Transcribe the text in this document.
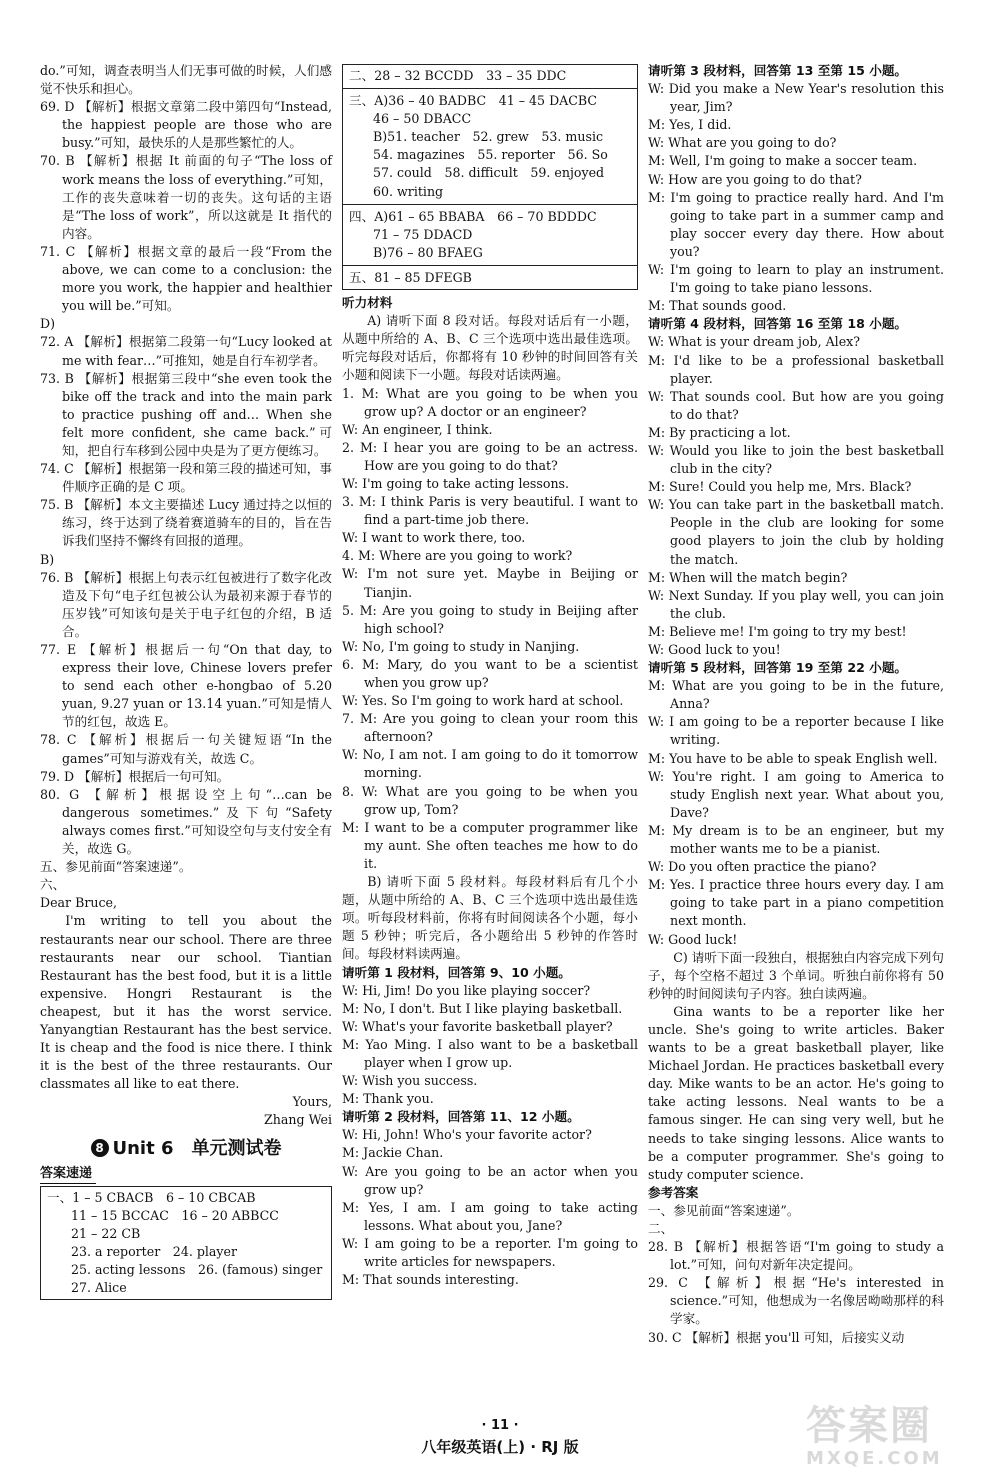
do.”可知，调查表明当人们无事可做的时候，人们感觉不快乐和担心。
69. D 【解析】根据文章第二段中第四句“Instead, the happiest people are those who are busy.”可知，最快乐的人是那些繁忙的人。
70. B 【解析】根据 It 前面的句子“The loss of work means the loss of everything.”可知，工作的丧失意味着一切的丧失。这句话的主语是“The loss of work”，所以这就是 It 指代的内容。
71. C 【解析】根据文章的最后一段“From the above, we can come to a conclusion: the more you work, the happier and healthier you will be.”可知。
D)
72. A 【解析】根据第二段第一句“Lucy looked at me with fear…”可推知，她是自行车初学者。
73. B 【解析】根据第三段中“she even took the bike off the track and into the main park to practice pushing off and… When she felt more confident, she came back.”可知，把自行车移到公园中央是为了更方便练习。
74. C 【解析】根据第一段和第三段的描述可知，事件顺序正确的是 C 项。
75. B 【解析】本文主要描述 Lucy 通过持之以恒的练习，终于达到了绕着赛道骑车的目的，旨在告诉我们坚持不懈终有回报的道理。
B)
76. B 【解析】根据上句表示红包被进行了数字化改造及下句“电子红包被公认为最初来源于春节的压岁钱”可知该句是关于电子红包的介绍，B 适合。
77. E 【解析】根据后一句“On that day, to express their love, Chinese lovers prefer to send each other e-hongbao of 5.20 yuan, 9.27 yuan or 13.14 yuan.”可知是情人节的红包，故选 E。
78. C 【解析】根据后一句关键短语“In the games”可知与游戏有关，故选 C。
79. D 【解析】根据后一句可知。
80. G 【解析】根据设空上句“…can be dangerous sometimes.”及下句“Safety always comes first.”可知设空句与支付安全有关，故选 G。
五、参见前面“答案速递”。
六、
Dear Bruce,
I'm writing to tell you about the restaurants near our school. There are three restaurants near our school. Tiantian Restaurant has the best food, but it is a little expensive. Hongri Restaurant is the cheapest, but it has the worst service. Yanyangtian Restaurant has the best service. It is cheap and the food is nice there. I think it is the best of the three restaurants. Our classmates all like to eat there.
Yours,
Zhang Wei
8 Unit 6　单元测试卷
答案速递
一、1 – 5 CBACB　6 – 10 CBCAB
11 – 15 BCCAC　16 – 20 ABBCC
21 – 22 CB
23. a reporter　24. player
25. acting lessons　26. (famous) singer
27. Alice
二、28 – 32 BCCDD　33 – 35 DDC
三、A)36 – 40 BADBC　41 – 45 DACBC
46 – 50 DBACC
B)51. teacher　52. grew　53. music
54. magazines　55. reporter　56. So
57. could　58. difficult　59. enjoyed
60. writing
四、A)61 – 65 BBABA　66 – 70 BDDDC
71 – 75 DDACD
B)76 – 80 BFAEG
五、81 – 85 DFEGB
听力材料
A) 请听下面 8 段对话。每段对话后有一小题，从题中所给的 A、B、C 三个选项中选出最佳选项。听完每段对话后，你都将有 10 秒钟的时间回答有关小题和阅读下一小题。每段对话读两遍。
1. M: What are you going to be when you grow up? A doctor or an engineer?
W: An engineer, I think.
2. M: I hear you are going to be an actress. How are you going to do that?
W: I'm going to take acting lessons.
3. M: I think Paris is very beautiful. I want to find a part-time job there.
W: I want to work there, too.
4. M: Where are you going to work?
W: I'm not sure yet. Maybe in Beijing or Tianjin.
5. M: Are you going to study in Beijing after high school?
W: No, I'm going to study in Nanjing.
6. M: Mary, do you want to be a scientist when you grow up?
W: Yes. So I'm going to work hard at school.
7. M: Are you going to clean your room this afternoon?
W: No, I am not. I am going to do it tomorrow morning.
8. W: What are you going to be when you grow up, Tom?
M: I want to be a computer programmer like my aunt. She often teaches me how to do it.
B) 请听下面 5 段材料。每段材料后有几个小题，从题中所给的 A、B、C 三个选项中选出最佳选项。听每段材料前，你将有时间阅读各个小题，每小题 5 秒钟；听完后，各小题给出 5 秒钟的作答时间。每段材料读两遍。
请听第 1 段材料，回答第 9、10 小题。
W: Hi, Jim! Do you like playing soccer?
M: No, I don't. But I like playing basketball.
W: What's your favorite basketball player?
M: Yao Ming. I also want to be a basketball player when I grow up.
W: Wish you success.
M: Thank you.
请听第 2 段材料，回答第 11、12 小题。
W: Hi, John! Who's your favorite actor?
M: Jackie Chan.
W: Are you going to be an actor when you grow up?
M: Yes, I am. I am going to take acting lessons. What about you, Jane?
W: I am going to be a reporter. I'm going to write articles for newspapers.
M: That sounds interesting.
请听第 3 段材料，回答第 13 至第 15 小题。
W: Did you make a New Year's resolution this year, Jim?
M: Yes, I did.
W: What are you going to do?
M: Well, I'm going to make a soccer team.
W: How are you going to do that?
M: I'm going to practice really hard. And I'm going to take part in a summer camp and play soccer every day there. How about you?
W: I'm going to learn to play an instrument. I'm going to take piano lessons.
M: That sounds good.
请听第 4 段材料，回答第 16 至第 18 小题。
W: What is your dream job, Alex?
M: I'd like to be a professional basketball player.
W: That sounds cool. But how are you going to do that?
M: By practicing a lot.
W: Would you like to join the best basketball club in the city?
M: Sure! Could you help me, Mrs. Black?
W: You can take part in the basketball match. People in the club are looking for some good players to join the club by holding the match.
M: When will the match begin?
W: Next Sunday. If you play well, you can join the club.
M: Believe me! I'm going to try my best!
W: Good luck to you!
请听第 5 段材料，回答第 19 至第 22 小题。
M: What are you going to be in the future, Anna?
W: I am going to be a reporter because I like writing.
M: You have to be able to speak English well.
W: You're right. I am going to America to study English next year. What about you, Dave?
M: My dream is to be an engineer, but my mother wants me to be a pianist.
W: Do you often practice the piano?
M: Yes. I practice three hours every day. I am going to take part in a piano competition next month.
W: Good luck!
C) 请听下面一段独白，根据独白内容完成下列句子，每个空格不超过 3 个单词。听独白前你将有 50 秒钟的时间阅读句子内容。独白读两遍。
Gina wants to be a reporter like her uncle. She's going to write articles. Baker wants to be a great basketball player, like Michael Jordan. He practices basketball every day. Mike wants to be an actor. He's going to take acting lessons. Neal wants to be a famous singer. He can sing very well, but he needs to take singing lessons. Alice wants to be a computer programmer. She's going to study computer science.
参考答案
一、参见前面“答案速递”。
二、
28. B 【解析】根据答语“I'm going to study a lot.”可知，问句对新年决定提问。
29. C 【解析】根据“He's interested in science.”可知，他想成为一名像居呦呦那样的科学家。
30. C 【解析】根据 you'll 可知，后接实义动
· 11 ·
八年级英语(上) · RJ 版	答案圈
MXQE.COM
